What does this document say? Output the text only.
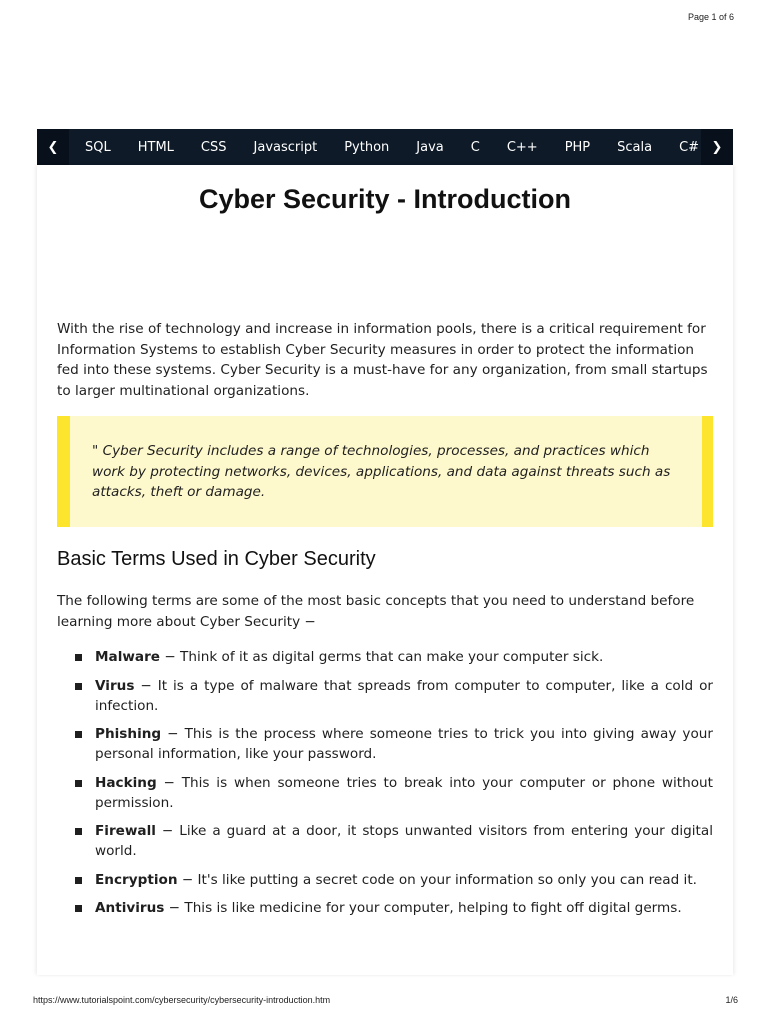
Page 1 of 6
❮	SQL HTML CSS Javascript Python Java C C++ PHP Scala C# ❯
Cyber Security - Introduction

With the rise of technology and increase in information pools, there is a critical requirement for Information Systems to establish Cyber Security measures in order to protect the information fed into these systems. Cyber Security is a must-have for any organization, from small startups to larger multinational organizations.

" Cyber Security includes a range of technologies, processes, and practices which work by protecting networks, devices, applications, and data against threats such as attacks, theft or damage.

Basic Terms Used in Cyber Security

The following terms are some of the most basic concepts that you need to understand before learning more about Cyber Security −

Malware − Think of it as digital germs that can make your computer sick.
Virus − It is a type of malware that spreads from computer to computer, like a cold or infection.
Phishing − This is the process where someone tries to trick you into giving away your personal information, like your password.
Hacking − This is when someone tries to break into your computer or phone without permission.
Firewall − Like a guard at a door, it stops unwanted visitors from entering your digital world.
Encryption − It's like putting a secret code on your information so only you can read it.
Antivirus − This is like medicine for your computer, helping to fight off digital germs.
https://www.tutorialspoint.com/cybersecurity/cybersecurity-introduction.htm	1/6
